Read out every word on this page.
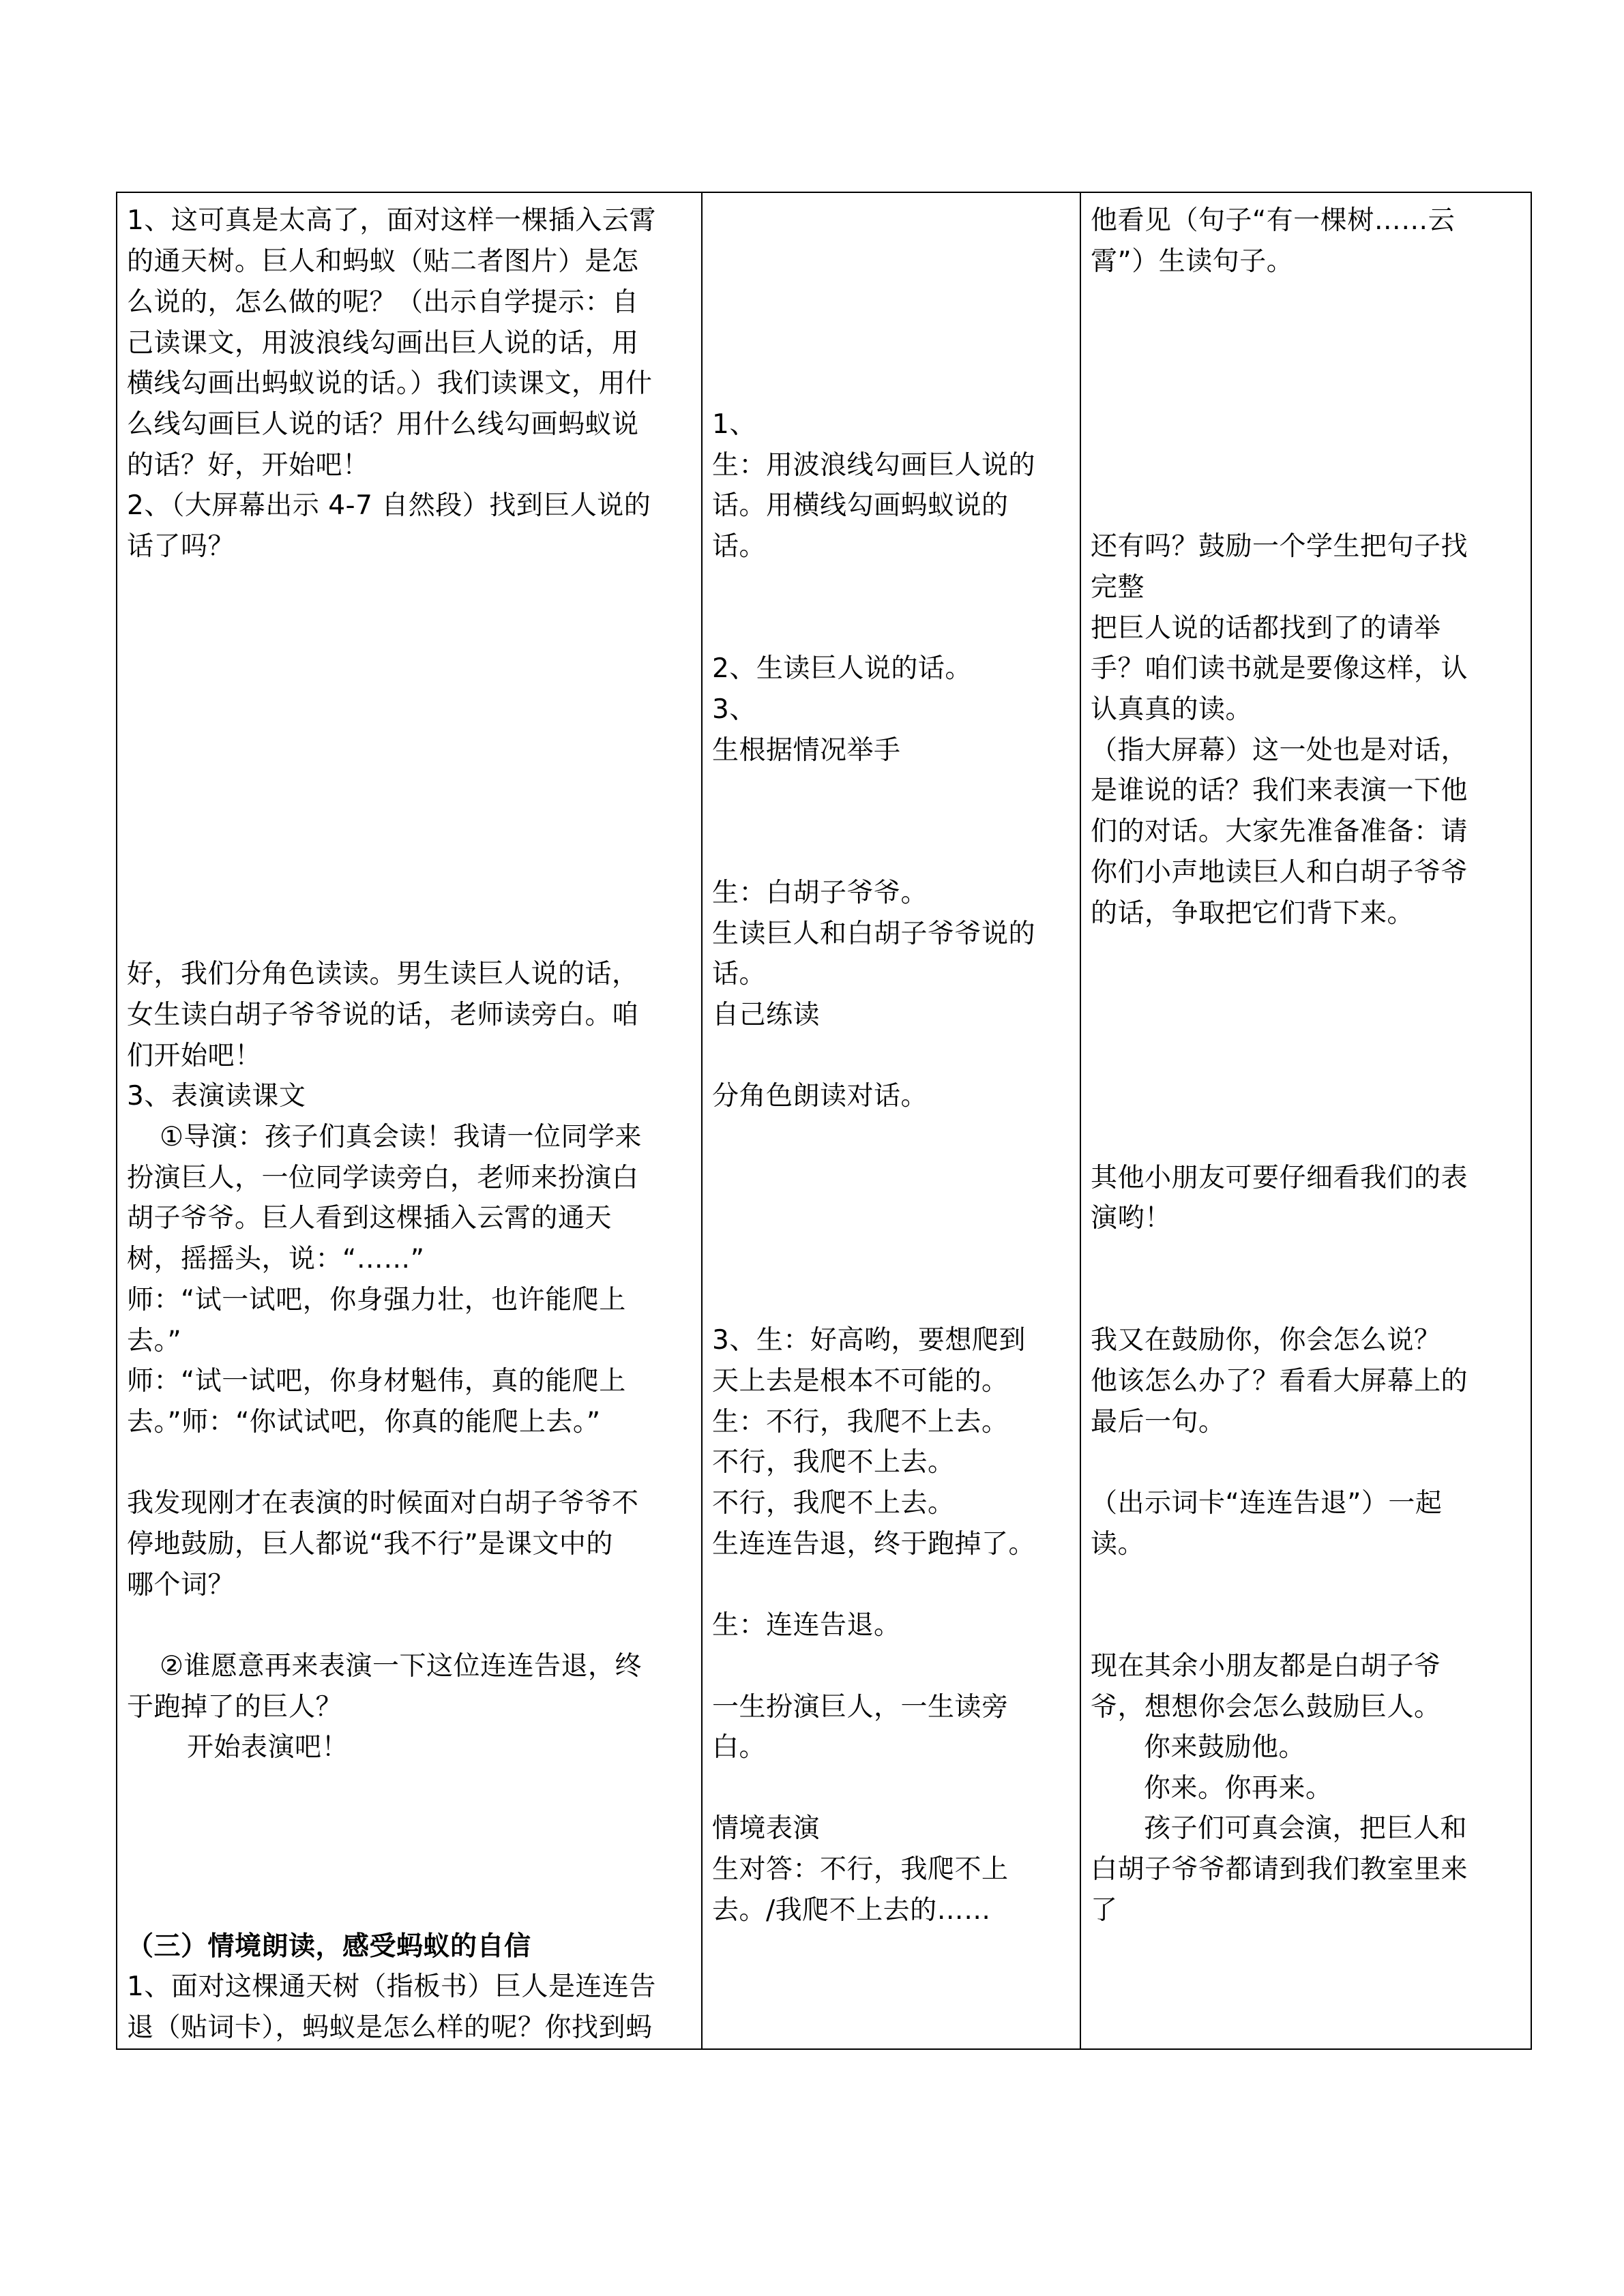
1、这可真是太高了，面对这样一棵插入云霄
的通天树。巨人和蚂蚁（贴二者图片）是怎
么说的，怎么做的呢？（出示自学提示：自
己读课文，用波浪线勾画出巨人说的话，用
横线勾画出蚂蚁说的话。）我们读课文，用什
么线勾画巨人说的话？用什么线勾画蚂蚁说
的话？好，开始吧！
2、（大屏幕出示 4-7 自然段）找到巨人说的
话了吗？
好，我们分角色读读。男生读巨人说的话，
女生读白胡子爷爷说的话，老师读旁白。咱
们开始吧！
3、表演读课文
①导演：孩子们真会读！我请一位同学来
扮演巨人，一位同学读旁白，老师来扮演白
胡子爷爷。巨人看到这棵插入云霄的通天
树，摇摇头，说：“……”
师：“试一试吧，你身强力壮，也许能爬上
去。”
师：“试一试吧，你身材魁伟，真的能爬上
去。”师：“你试试吧，你真的能爬上去。”
我发现刚才在表演的时候面对白胡子爷爷不
停地鼓励，巨人都说“我不行”是课文中的
哪个词？
②谁愿意再来表演一下这位连连告退，终
于跑掉了的巨人？
开始表演吧！
（三）情境朗读，感受蚂蚁的自信
1、面对这棵通天树（指板书）巨人是连连告
退（贴词卡），蚂蚁是怎么样的呢？你找到蚂
1、
生：用波浪线勾画巨人说的
话。用横线勾画蚂蚁说的
话。
2、生读巨人说的话。
3、
生根据情况举手
生：白胡子爷爷。
生读巨人和白胡子爷爷说的
话。
自己练读
分角色朗读对话。
3、生：好高哟，要想爬到
天上去是根本不可能的。
生：不行，我爬不上去。
不行，我爬不上去。
不行，我爬不上去。
生连连告退，终于跑掉了。
生：连连告退。
一生扮演巨人，一生读旁
白。
情境表演
生对答：不行，我爬不上
去。/我爬不上去的……
他看见（句子“有一棵树……云
霄”）生读句子。
还有吗？鼓励一个学生把句子找
完整
把巨人说的话都找到了的请举
手？咱们读书就是要像这样，认
认真真的读。
（指大屏幕）这一处也是对话，
是谁说的话？我们来表演一下他
们的对话。大家先准备准备：请
你们小声地读巨人和白胡子爷爷
的话，争取把它们背下来。
其他小朋友可要仔细看我们的表
演哟！
我又在鼓励你，你会怎么说？
他该怎么办了？看看大屏幕上的
最后一句。
（出示词卡“连连告退”）一起
读。
现在其余小朋友都是白胡子爷
爷，想想你会怎么鼓励巨人。
你来鼓励他。
你来。你再来。
孩子们可真会演，把巨人和
白胡子爷爷都请到我们教室里来
了
